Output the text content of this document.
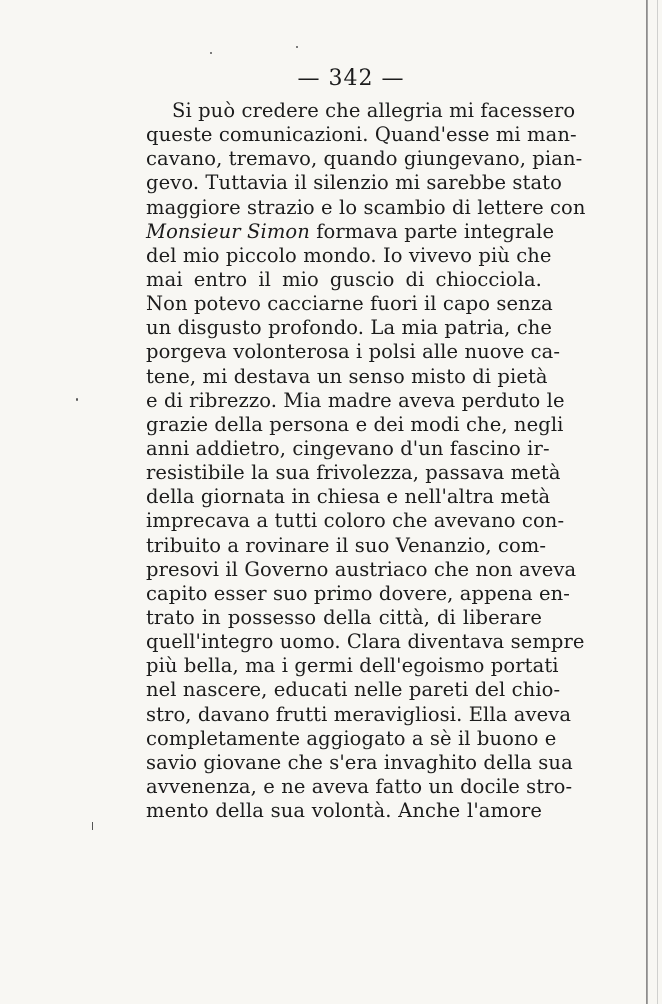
— 342 —
Si può credere che allegria mi facessero
queste comunicazioni. Quand'esse mi man-
cavano, tremavo, quando giungevano, pian-
gevo. Tuttavia il silenzio mi sarebbe stato
maggiore strazio e lo scambio di lettere con
Monsieur Simon formava parte integrale
del mio piccolo mondo. Io vivevo più che
mai entro il mio guscio di chiocciola.
Non potevo cacciarne fuori il capo senza
un disgusto profondo. La mia patria, che
porgeva volonterosa i polsi alle nuove ca-
tene, mi destava un senso misto di pietà
e di ribrezzo. Mia madre aveva perduto le
grazie della persona e dei modi che, negli
anni addietro, cingevano d'un fascino ir-
resistibile la sua frivolezza, passava metà
della giornata in chiesa e nell'altra metà
imprecava a tutti coloro che avevano con-
tribuito a rovinare il suo Venanzio, com-
presovi il Governo austriaco che non aveva
capito esser suo primo dovere, appena en-
trato in possesso della città, di liberare
quell'integro uomo. Clara diventava sempre
più bella, ma i germi dell'egoismo portati
nel nascere, educati nelle pareti del chio-
stro, davano frutti meravigliosi. Ella aveva
completamente aggiogato a sè il buono e
savio giovane che s'era invaghito della sua
avvenenza, e ne aveva fatto un docile stro-
mento della sua volontà. Anche l'amore
